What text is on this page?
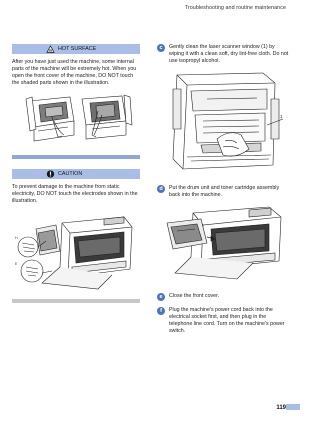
Troubleshooting and routine maintenance
HOT SURFACE

After you have just used the machine, some internal parts of the machine will be extremely hot. When you open the front cover of the machine, DO NOT touch the shaded parts shown in the illustration.

CAUTION

To prevent damage to the machine from static electricity, DO NOT touch the electrodes shown in the illustration.

H
E
c	Gently clean the laser scanner window (1) by wiping it with a clean soft, dry lint-free cloth. Do not use isopropyl alcohol.

1
d	Put the drum unit and toner cartridge assembly back into the machine.

e	Close the front cover.

f	Plug the machine's power cord back into the electrical socket first, and then plug in the telephone line cord. Turn on the machine's power switch.

119
